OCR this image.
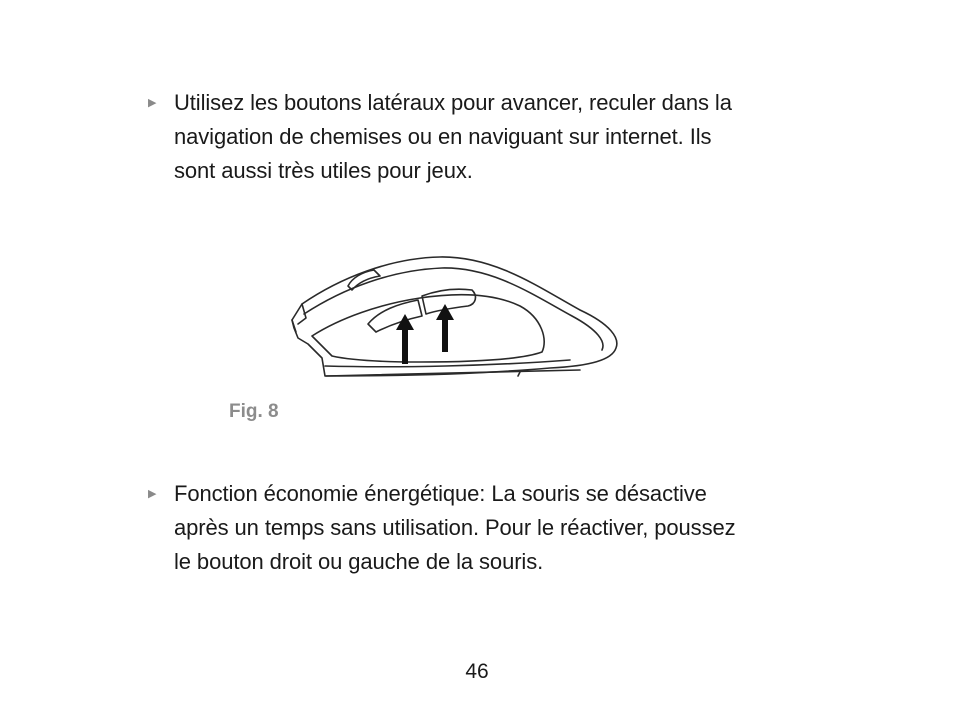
▶ Utilisez les boutons latéraux pour avancer, reculer dans la
navigation de chemises ou en naviguant sur internet. Ils
sont aussi très utiles pour jeux.
Fig. 8
▶ Fonction économie énergétique: La souris se désactive
après un temps sans utilisation. Pour le réactiver, poussez
le bouton droit ou gauche de la souris.
46
